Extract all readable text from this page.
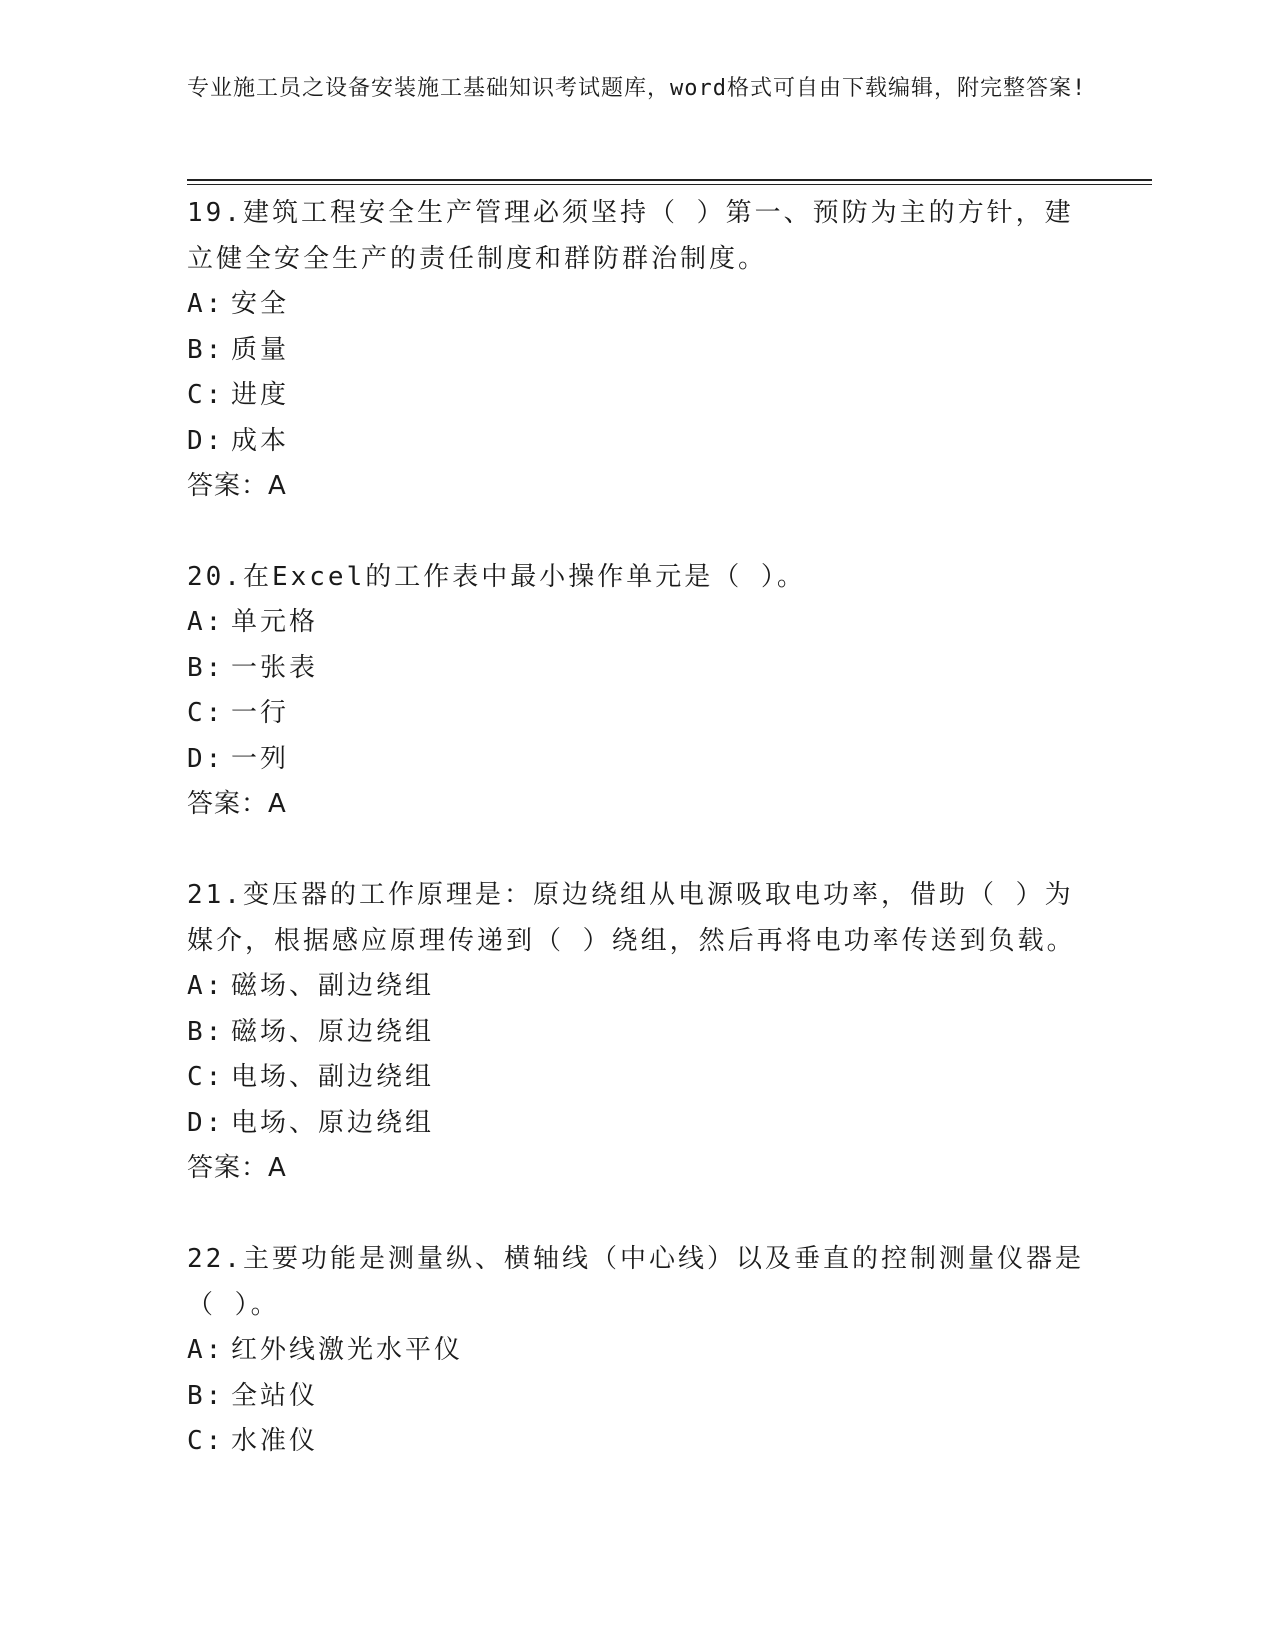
专业施工员之设备安装施工基础知识考试题库，word格式可自由下载编辑，附完整答案!
19.建筑工程安全生产管理必须坚持（ ）第一、预防为主的方针，建立健全安全生产的责任制度和群防群治制度。
A: 安全
B: 质量
C: 进度
D: 成本
答案：A
20.在Excel的工作表中最小操作单元是（ ）。
A: 单元格
B: 一张表
C: 一行
D: 一列
答案：A
21.变压器的工作原理是：原边绕组从电源吸取电功率，借助（ ）为媒介，根据感应原理传递到（ ）绕组，然后再将电功率传送到负载。
A: 磁场、副边绕组
B: 磁场、原边绕组
C: 电场、副边绕组
D: 电场、原边绕组
答案：A
22.主要功能是测量纵、横轴线（中心线）以及垂直的控制测量仪器是（ ）。
A: 红外线激光水平仪
B: 全站仪
C: 水准仪
